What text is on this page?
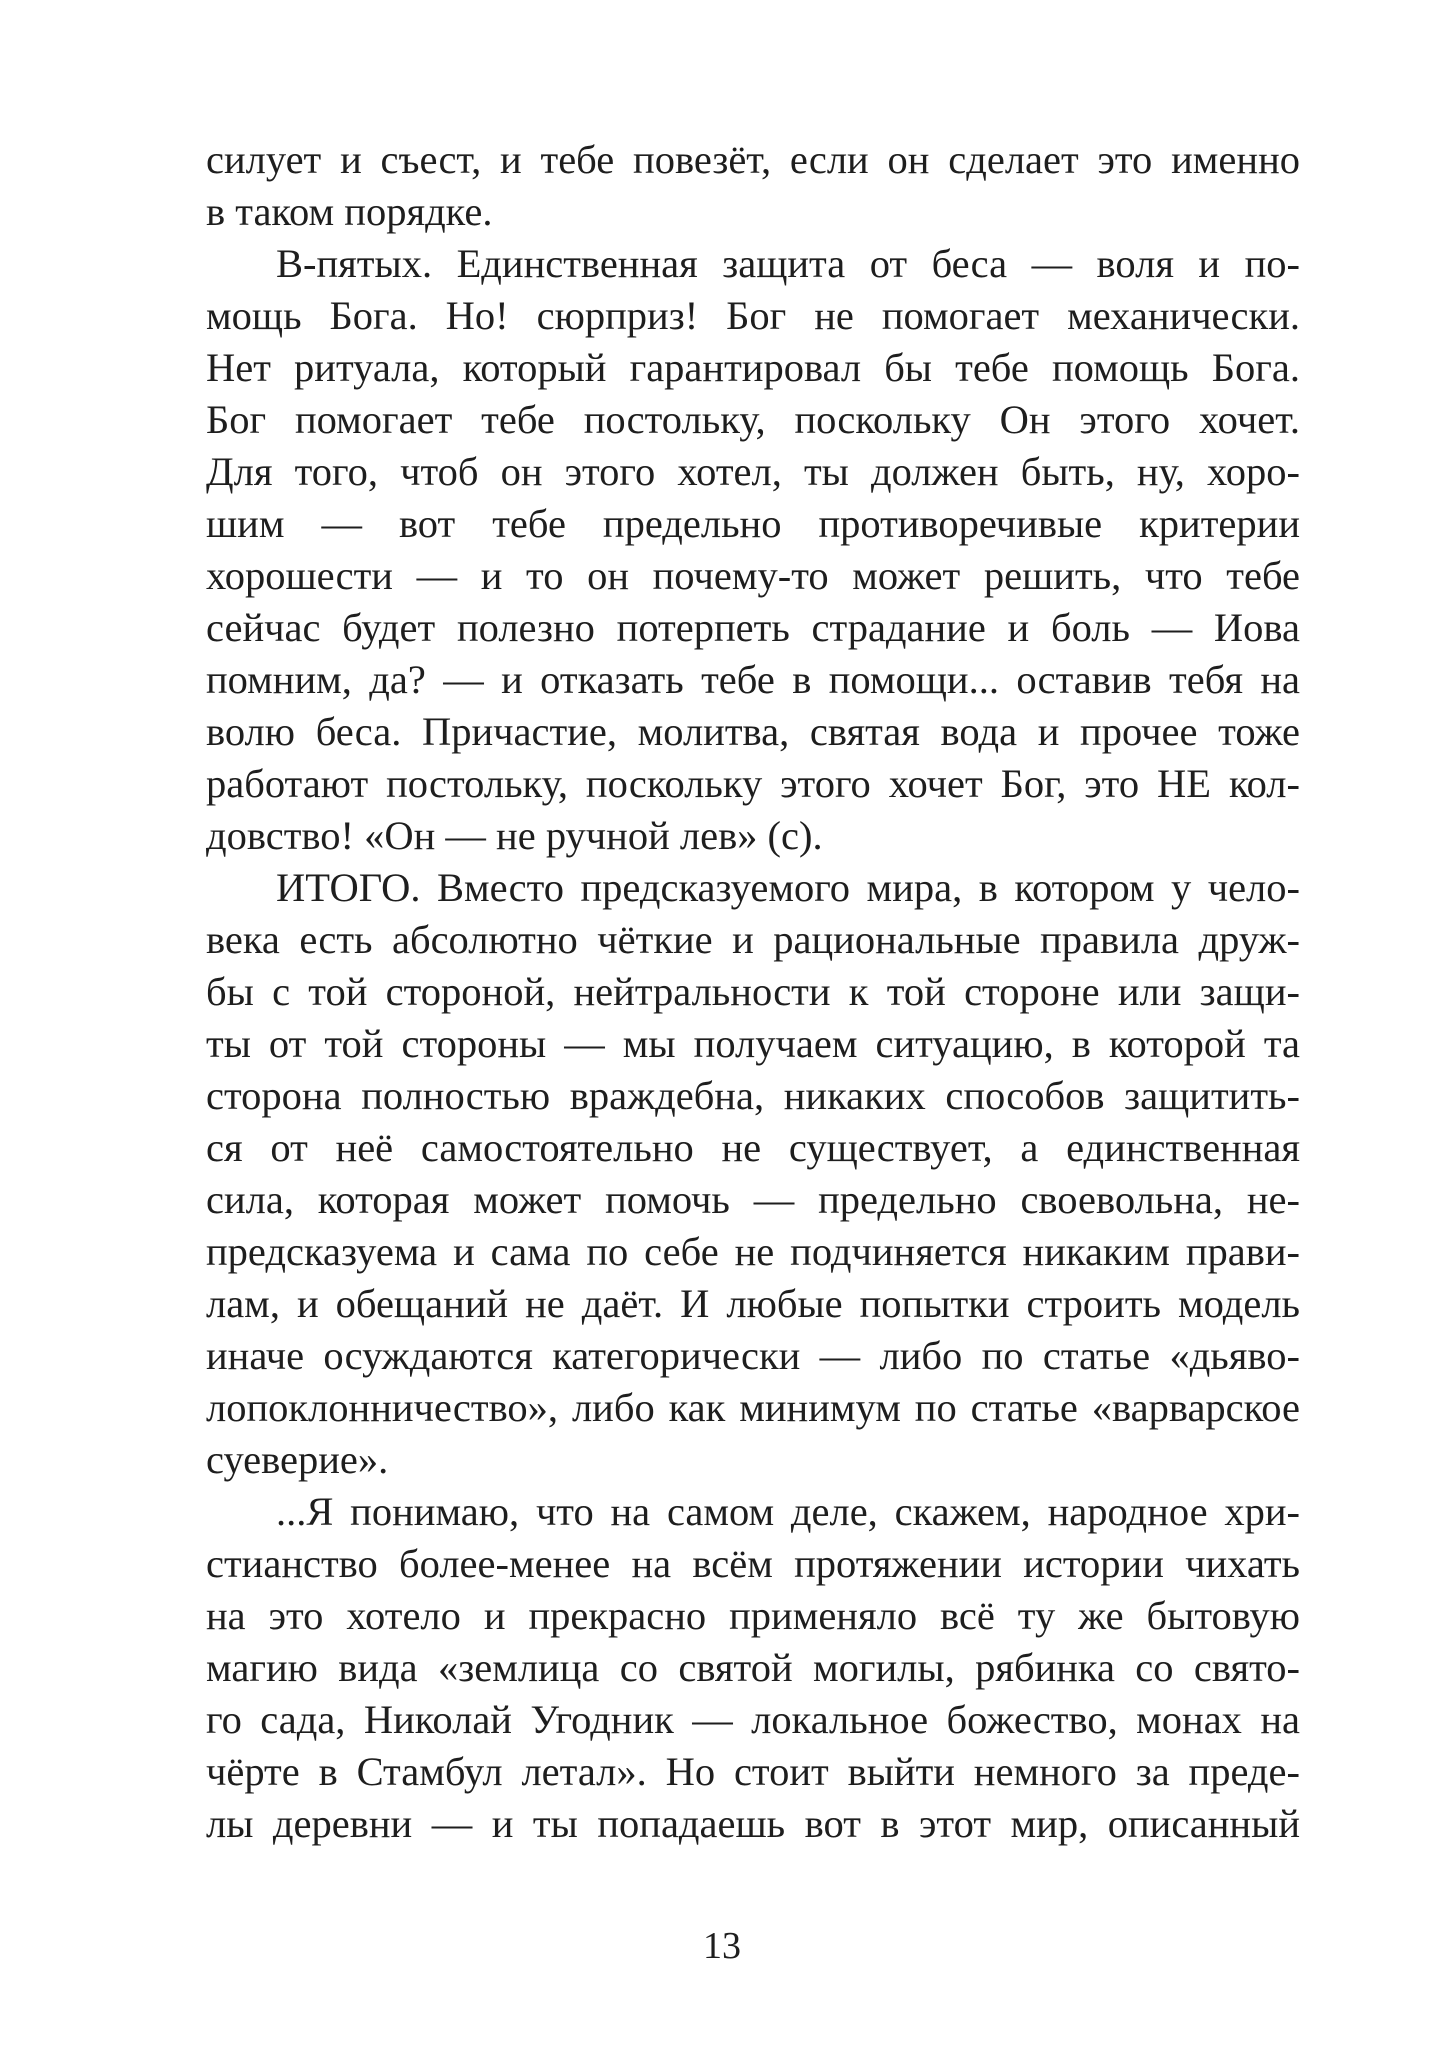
силует и съест, и тебе повезёт, если он сделает это именно
в таком порядке.
В-пятых. Единственная защита от беса — воля и по-
мощь Бога. Но! сюрприз! Бог не помогает механически.
Нет ритуала, который гарантировал бы тебе помощь Бога.
Бог помогает тебе постольку, поскольку Он этого хочет.
Для того, чтоб он этого хотел, ты должен быть, ну, хоро-
шим — вот тебе предельно противоречивые критерии
хорошести — и то он почему-то может решить, что тебе
сейчас будет полезно потерпеть страдание и боль — Иова
помним, да? — и отказать тебе в помощи... оставив тебя на
волю беса. Причастие, молитва, святая вода и прочее тоже
работают постольку, поскольку этого хочет Бог, это НЕ кол-
довство! «Он — не ручной лев» (с).
ИТОГО. Вместо предсказуемого мира, в котором у чело-
века есть абсолютно чёткие и рациональные правила друж-
бы с той стороной, нейтральности к той стороне или защи-
ты от той стороны — мы получаем ситуацию, в которой та
сторона полностью враждебна, никаких способов защитить-
ся от неё самостоятельно не существует, а единственная
сила, которая может помочь — предельно своевольна, не-
предсказуема и сама по себе не подчиняется никаким прави-
лам, и обещаний не даёт. И любые попытки строить модель
иначе осуждаются категорически — либо по статье «дьяво-
лопоклонничество», либо как минимум по статье «варварское
суеверие».
...Я понимаю, что на самом деле, скажем, народное хри-
стианство более-менее на всём протяжении истории чихать
на это хотело и прекрасно применяло всё ту же бытовую
магию вида «землица со святой могилы, рябинка со свято-
го сада, Николай Угодник — локальное божество, монах на
чёрте в Стамбул летал». Но стоит выйти немного за преде-
лы деревни — и ты попадаешь вот в этот мир, описанный
13
